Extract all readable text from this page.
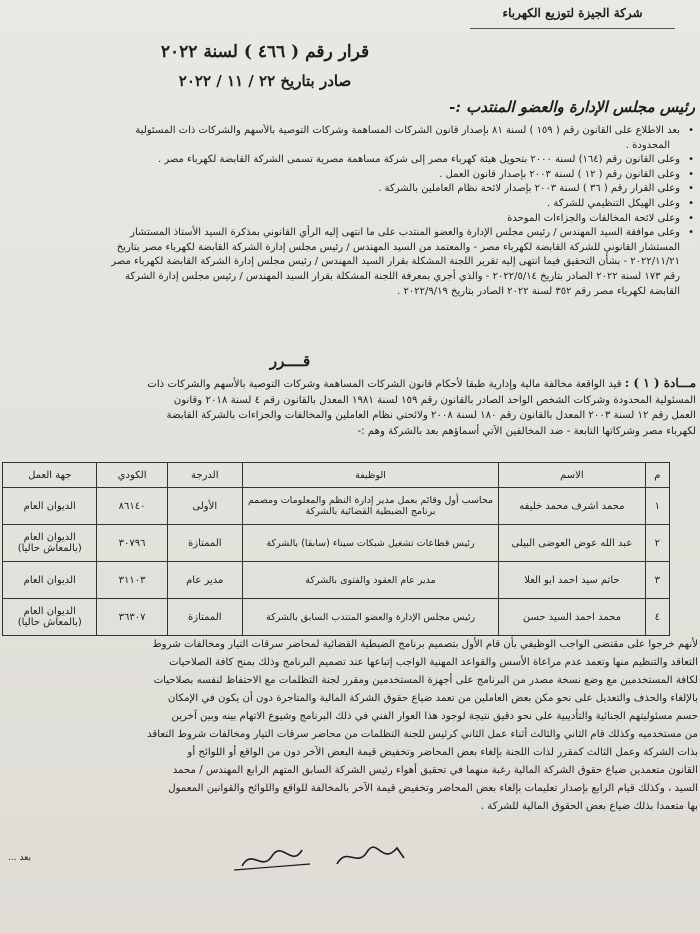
شركة الجيزة لتوزيع الكهرباء
قرار رقم ( ٤٦٦ ) لسنة ٢٠٢٢
صادر بتاريخ ٢٢ / ١١ / ٢٠٢٢
رئيس مجلس الإدارة والعضو المنتدب :-
•
بعد الاطلاع على القانون رقم ( ١٥٩ ) لسنة ٨١ بإصدار قانون الشركات المساهمة وشركات التوصية بالأسهم والشركات ذات المسئولية
المحدودة .
•
وعلى القانون رقم (١٦٤) لسنة ٢٠٠٠ بتحويل هيئة كهرباء مصر إلى شركة مساهمة مصرية تسمى الشركة القابضة لكهرباء مصر .
•
وعلى القانون رقم ( ١٢ ) لسنة ٢٠٠٣ بإصدار قانون العمل .
•
وعلى القرار رقم ( ٣٦ ) لسنة ٢٠٠٣ بإصدار لائحة نظام العاملين بالشركة .
•
وعلى الهيكل التنظيمي للشركة .
•
وعلى لائحة المخالفات والجزاءات الموحدة
•
وعلى موافقة السيد المهندس / رئيس مجلس الإدارة والعضو المنتدب على ما انتهى إليه الرأي القانوني بمذكرة السيد الأستاذ المستشار
المستشار القانوني للشركة القابضة لكهرباء مصر - والمعتمد من السيد المهندس / رئيس مجلس إدارة الشركة القابضة لكهرباء مصر بتاريخ
٢٠٢٢/١١/٢١ - بشأن التحقيق فيما انتهى إليه تقرير اللجنة المشكلة بقرار السيد المهندس / رئيس مجلس إدارة الشركة القابضة لكهرباء مصر
رقم ١٧٣ لسنة ٢٠٢٢ الصادر بتاريخ ٢٠٢٢/٥/١٤ - والذي أجري بمعرفة اللجنة المشكلة بقرار السيد المهندس / رئيس مجلس إدارة الشركة
القابضة لكهرباء مصر رقم ٣٥٢ لسنة ٢٠٢٢ الصادر بتاريخ ٢٠٢٢/٩/١٩ .
قــــرر
مـــادة ( ١ ) : قيد الواقعة مخالفة مالية وإدارية طبقا لأحكام قانون الشركات المساهمة وشركات التوصية بالأسهم والشركات ذات
المسئولية المحدودة وشركات الشخص الواحد الصادر بالقانون رقم ١٥٩ لسنة ١٩٨١ المعدل بالقانون رقم ٤ لسنة ٢٠١٨ وقانون
العمل رقم ١٢ لسنة ٢٠٠٣ المعدل بالقانون رقم ١٨٠ لسنة ٢٠٠٨ ولائحتي نظام العاملين والمخالفات والجزاءات بالشركة القابضة
لكهرباء مصر وشركاتها التابعة - ضد المخالفين الآتي أسماؤهم بعد بالشركة وهم :-
م	الاسم	الوظيفة	الدرجة	الكودي	جهة العمل
١	محمد اشرف محمد خليفه	محاسب أول وقائم بعمل مدير إدارة النظم والمعلومات ومصمم برنامج الضبطية القضائية بالشركة	الأولى	٨٦١٤٠	الديوان العام
٢	عبد الله عوض العوضى البيلى	رئيس قطاعات تشغيل شبكات سيناء (سابقا) بالشركة	الممتازة	٣٠٧٩٦	الديوان العام (بالمعاش حاليا)
٣	حاتم سيد احمد ابو العلا	مدير عام العقود والفتوى بالشركة	مدير عام	٣١١٠٣	الديوان العام
٤	محمد احمد السيد حسن	رئيس مجلس الإدارة والعضو المنتدب السابق بالشركة	الممتازة	٣٦٣٠٧	الديوان العام (بالمعاش حاليا)
لأنهم خرجوا على مقتضى الواجب الوظيفي بأن قام الأول بتصميم برنامج الضبطية القضائية لمحاضر سرقات التيار ومخالفات شروط
التعاقد والتنظيم منها وتعمد عدم مراعاة الأسس والقواعد المهنية الواجب إتباعها عند تصميم البرنامج وذلك بمنح كافة الصلاحيات
لكافة المستخدمين مع وضع نسخة مصدر من البرنامج على أجهزة المستخدمين ومقرر لجنة التظلمات مع الاحتفاظ لنفسه بصلاحيات
بالإلغاء والحذف والتعديل على نحو مكن بعض العاملين من تعمد ضياع حقوق الشركة المالية والمتاجرة دون أن يكون في الإمكان
حسم مسئوليتهم الجنائية والتأديبية على نحو دقيق نتيجة لوجود هذا العوار الفني في ذلك البرنامج وشيوع الاتهام بينه وبين آخرين
من مستخدميه وكذلك قام الثاني والثالث أثناء عمل الثاني كرئيس للجنة التظلمات من محاضر سرقات التيار ومخالفات شروط التعاقد
بذات الشركة وعمل الثالث كمقرر لذات اللجنة بإلغاء بعض المحاضر وتخفيض قيمة البعض الآخر دون من الواقع أو اللوائح أو
القانون متعمدين ضياع حقوق الشركة المالية رغبة منهما في تحقيق أهواء رئيس الشركة السابق المتهم الرابع المهندس / محمد
السيد ، وكذلك قيام الرابع بإصدار تعليمات بإلغاء بعض المحاضر وتخفيض قيمة الآخر بالمخالفة للواقع واللوائح والقوانين المعمول
بها متعمدا بذلك ضياع بعض الحقوق المالية للشركة .
بعد ...
